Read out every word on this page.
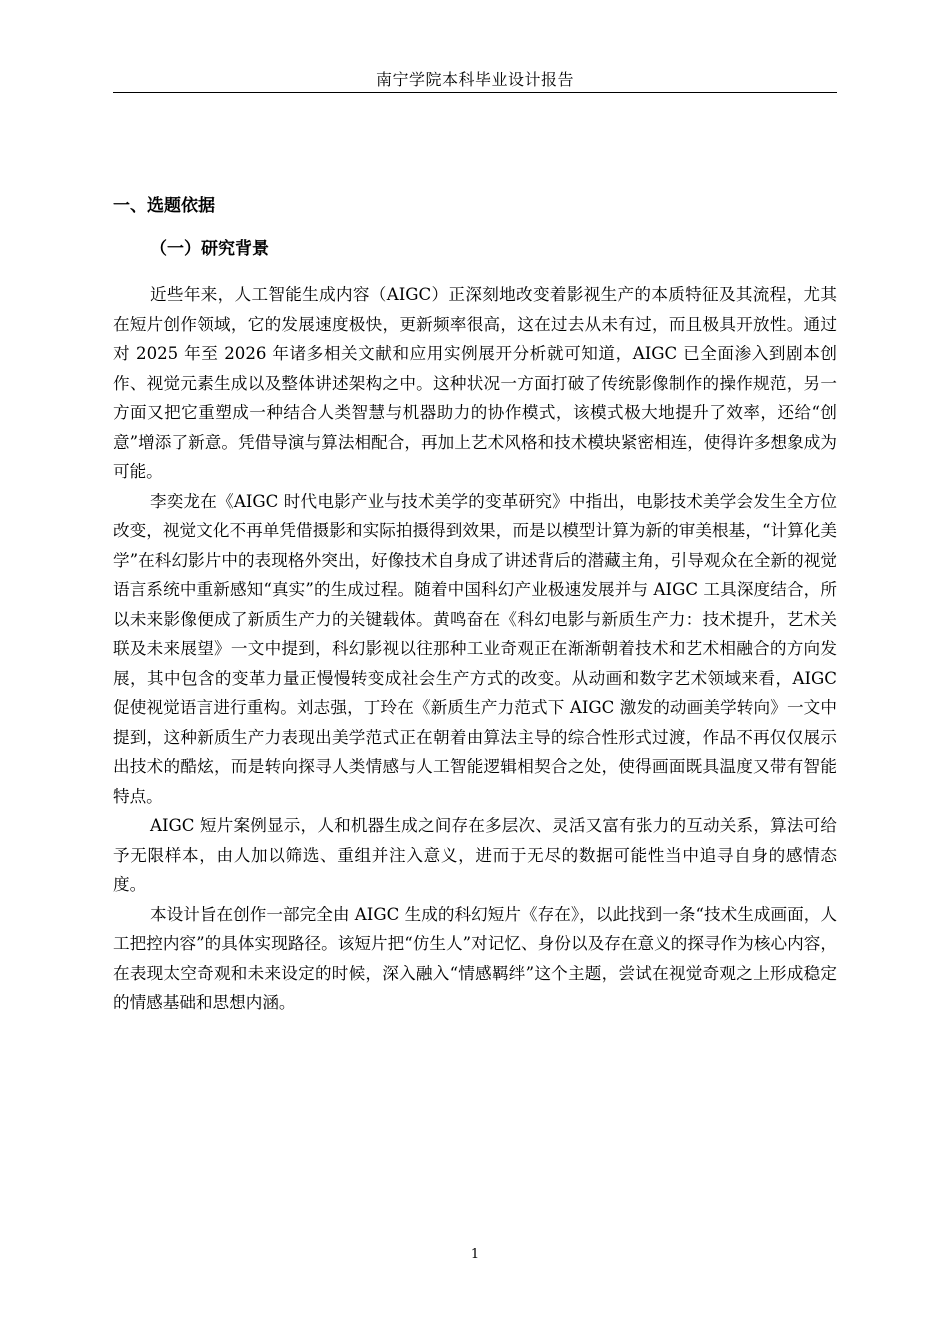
南宁学院本科毕业设计报告
一、选题依据
（一）研究背景

近些年来，人工智能生成内容（AIGC）正深刻地改变着影视生产的本质特征及其流程，尤其在短片创作领域，它的发展速度极快，更新频率很高，这在过去从未有过，而且极具开放性。通过对 2025 年至 2026 年诸多相关文献和应用实例展开分析就可知道，AIGC 已全面渗入到剧本创作、视觉元素生成以及整体讲述架构之中。这种状况一方面打破了传统影像制作的操作规范，另一方面又把它重塑成一种结合人类智慧与机器助力的协作模式，该模式极大地提升了效率，还给“创意”增添了新意。凭借导演与算法相配合，再加上艺术风格和技术模块紧密相连，使得许多想象成为可能。

李奕龙在《AIGC 时代电影产业与技术美学的变革研究》中指出，电影技术美学会发生全方位改变，视觉文化不再单凭借摄影和实际拍摄得到效果，而是以模型计算为新的审美根基，“计算化美学”在科幻影片中的表现格外突出，好像技术自身成了讲述背后的潜藏主角，引导观众在全新的视觉语言系统中重新感知“真实”的生成过程。随着中国科幻产业极速发展并与 AIGC 工具深度结合，所以未来影像便成了新质生产力的关键载体。黄鸣奋在《科幻电影与新质生产力：技术提升，艺术关联及未来展望》一文中提到，科幻影视以往那种工业奇观正在渐渐朝着技术和艺术相融合的方向发展，其中包含的变革力量正慢慢转变成社会生产方式的改变。从动画和数字艺术领域来看，AIGC 促使视觉语言进行重构。刘志强，丁玲在《新质生产力范式下 AIGC 激发的动画美学转向》一文中提到，这种新质生产力表现出美学范式正在朝着由算法主导的综合性形式过渡，作品不再仅仅展示出技术的酷炫，而是转向探寻人类情感与人工智能逻辑相契合之处，使得画面既具温度又带有智能特点。

AIGC 短片案例显示，人和机器生成之间存在多层次、灵活又富有张力的互动关系，算法可给予无限样本，由人加以筛选、重组并注入意义，进而于无尽的数据可能性当中追寻自身的感情态度。

本设计旨在创作一部完全由 AIGC 生成的科幻短片《存在》，以此找到一条“技术生成画面，人工把控内容”的具体实现路径。该短片把“仿生人”对记忆、身份以及存在意义的探寻作为核心内容，在表现太空奇观和未来设定的时候，深入融入“情感羁绊”这个主题，尝试在视觉奇观之上形成稳定的情感基础和思想内涵。

1
